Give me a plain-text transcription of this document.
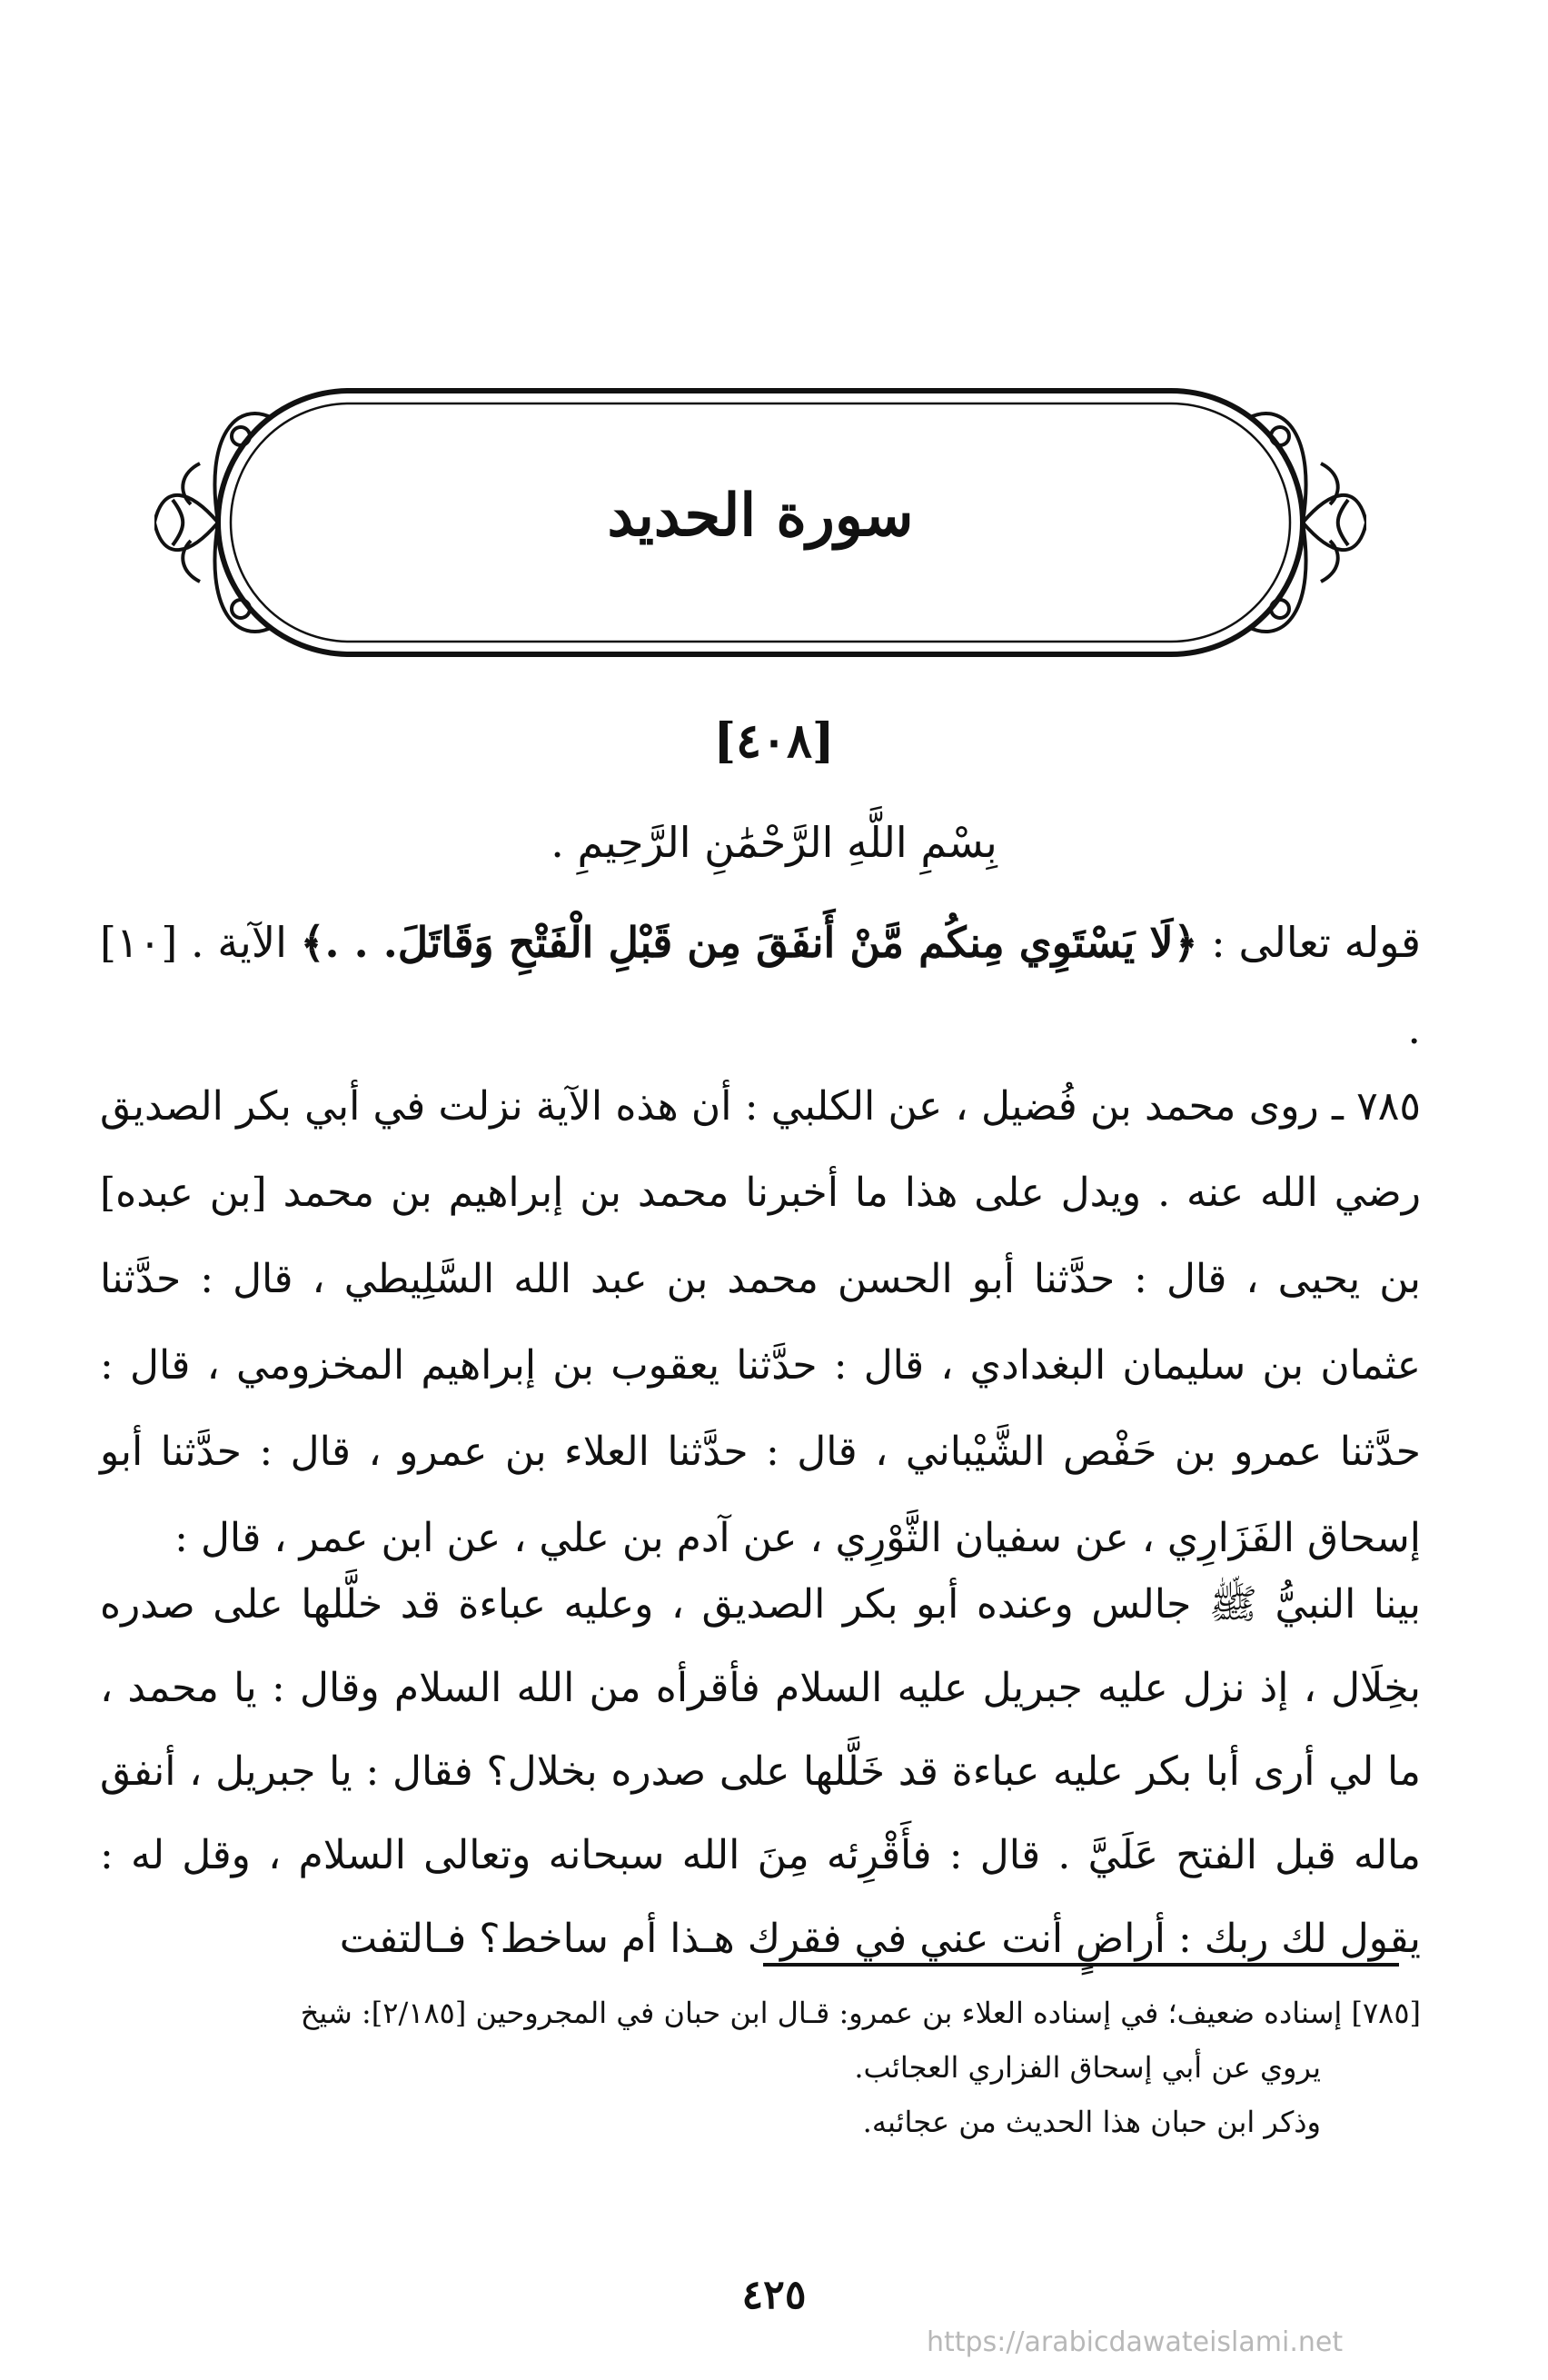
سورة الحديد
[٤٠٨]
بِسْمِ اللَّهِ الرَّحْمَٰنِ الرَّحِيمِ .
قوله تعالى : ﴿لَا يَسْتَوِي مِنكُم مَّنْ أَنفَقَ مِن قَبْلِ الْفَتْحِ وَقَاتَلَ. . .﴾ الآية . [١٠] .
٧٨٥ ـ روى محمد بن فُضيل ، عن الكلبي : أن هذه الآية نزلت في أبي بكر الصديق رضي الله عنه . ويدل على هذا ما أخبرنا محمد بن إبراهيم بن محمد [بن عبده] بن يحيى ، قال : حدَّثنا أبو الحسن محمد بن عبد الله السَّلِيطي ، قال : حدَّثنا عثمان بن سليمان البغدادي ، قال : حدَّثنا يعقوب بن إبراهيم المخزومي ، قال : حدَّثنا عمرو بن حَفْص الشَّيْباني ، قال : حدَّثنا العلاء بن عمرو ، قال : حدَّثنا أبو إسحاق الفَزَارِي ، عن سفيان الثَّوْرِي ، عن آدم بن علي ، عن ابن عمر ، قال :
بينا النبيُّ ﷺ جالس وعنده أبو بكر الصديق ، وعليه عباءة قد خلَّلها على صدره بخِلَال ، إذ نزل عليه جبريل عليه السلام فأقرأه من الله السلام وقال : يا محمد ، ما لي أرى أبا بكر عليه عباءة قد خَلَّلها على صدره بخلال؟ فقال : يا جبريل ، أنفق ماله قبل الفتح عَلَيَّ . قال : فأَقْرِئه مِنَ الله سبحانه وتعالى السلام ، وقل له : يقول لك ربك : أراضٍ أنت عني في فقرك هـذا أم ساخط؟ فـالتفت

[٧٨٥] إسناده ضعيف؛ في إسناده العلاء بن عمرو: قـال ابن حبان في المجروحين [٢/١٨٥]: شيخ

يروي عن أبي إسحاق الفزاري العجائب.

وذكر ابن حبان هذا الحديث من عجائبه.

٤٢٥
https://arabicdawateislami.net
